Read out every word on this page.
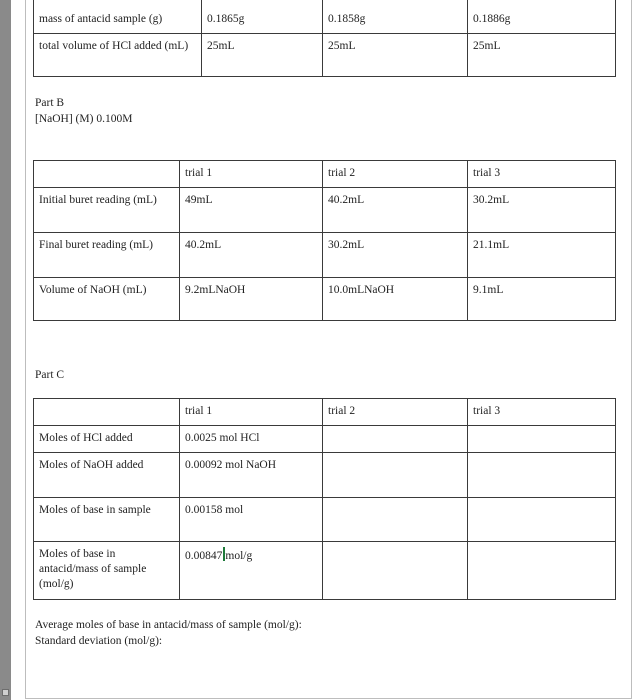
mass of antacid sample (g)	0.1865g	0.1858g	0.1886g
total volume of HCl added (mL)	25mL	25mL	25mL
Part B
[NaOH] (M) 0.100M
	trial 1	trial 2	trial 3
Initial buret reading (mL)	49mL	40.2mL	30.2mL
Final buret reading (mL)	40.2mL	30.2mL	21.1mL
Volume of NaOH (mL)	9.2mLNaOH	10.0mLNaOH	9.1mL
Part C
	trial 1	trial 2	trial 3
Moles of HCl added	0.0025 mol HCl		
Moles of NaOH added	0.00092 mol NaOH		
Moles of base in sample	0.00158 mol		
Moles of base in antacid/mass of sample (mol/g)	0.00847 mol/g		
Average moles of base in antacid/mass of sample (mol/g):
Standard deviation (mol/g):
